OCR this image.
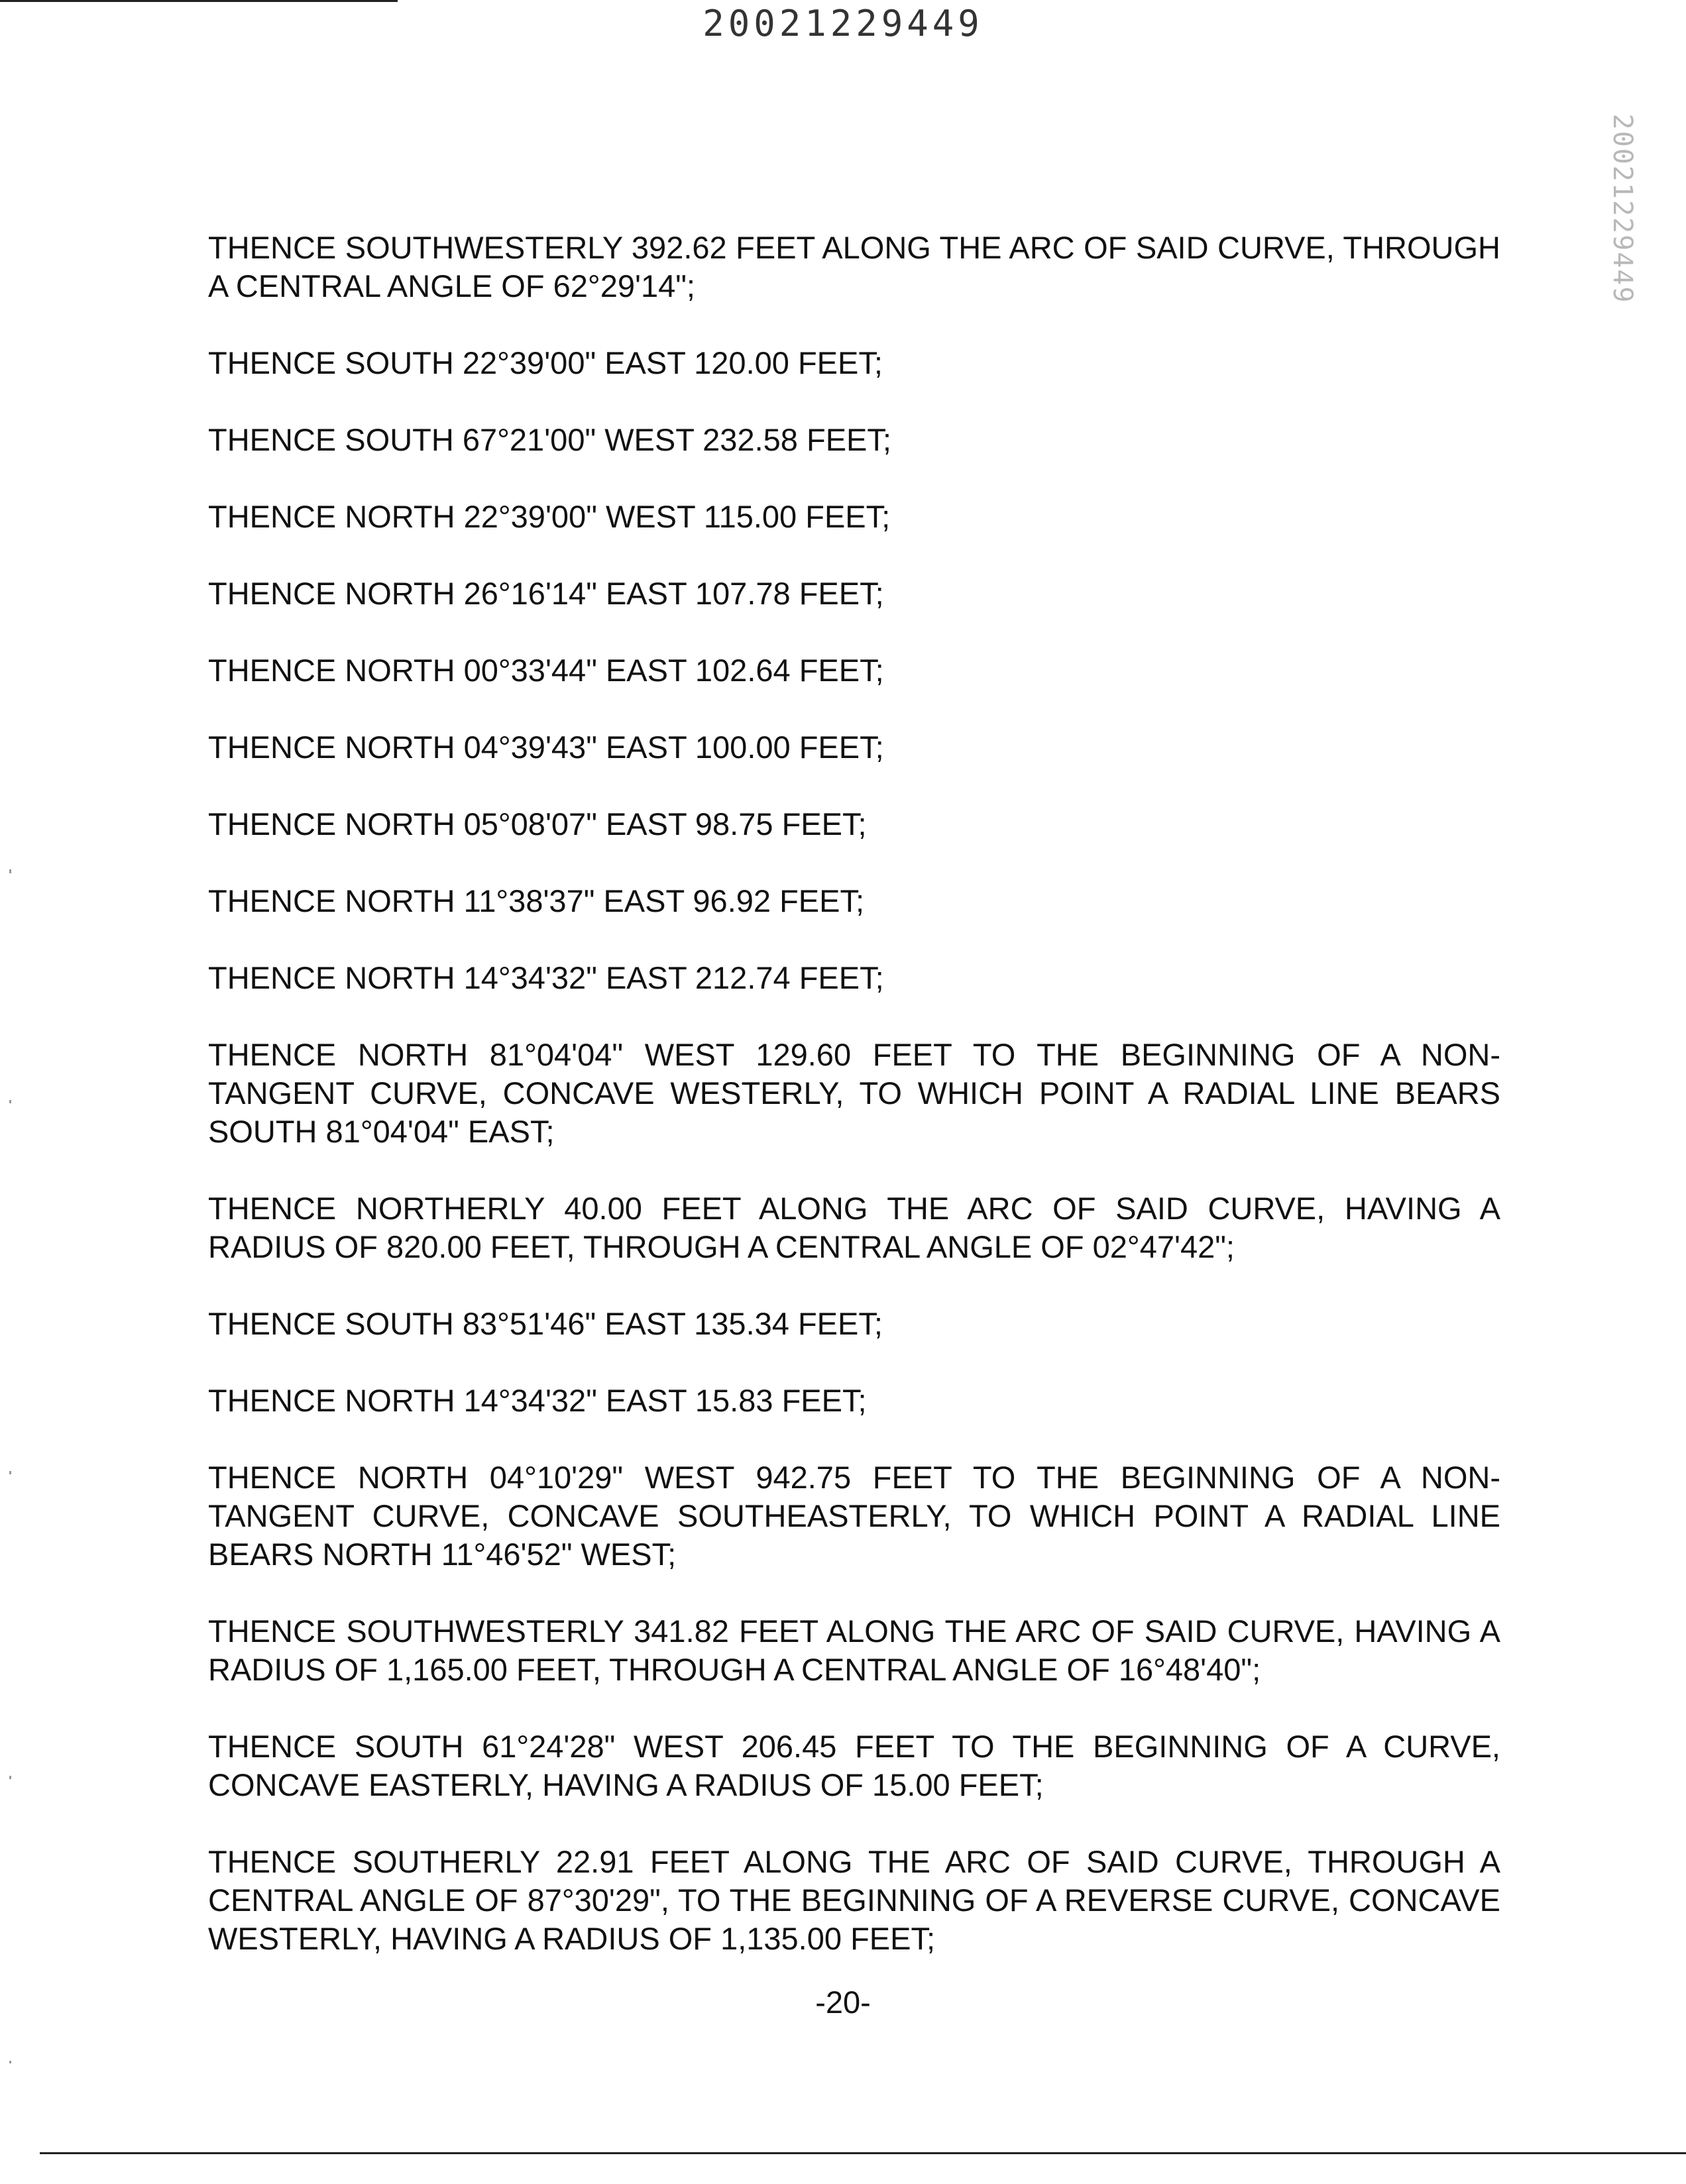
20021229449
20021229449

THENCE SOUTHWESTERLY 392.62 FEET ALONG THE ARC OF SAID CURVE, THROUGH A CENTRAL ANGLE OF 62°29'14";

THENCE SOUTH 22°39'00" EAST 120.00 FEET;

THENCE SOUTH 67°21'00" WEST 232.58 FEET;

THENCE NORTH 22°39'00" WEST 115.00 FEET;

THENCE NORTH 26°16'14" EAST 107.78 FEET;

THENCE NORTH 00°33'44" EAST 102.64 FEET;

THENCE NORTH 04°39'43" EAST 100.00 FEET;

THENCE NORTH 05°08'07" EAST 98.75 FEET;

THENCE NORTH 11°38'37" EAST 96.92 FEET;

THENCE NORTH 14°34'32" EAST 212.74 FEET;

THENCE NORTH 81°04'04" WEST 129.60 FEET TO THE BEGINNING OF A NON-TANGENT CURVE, CONCAVE WESTERLY, TO WHICH POINT A RADIAL LINE BEARS SOUTH 81°04'04" EAST;

THENCE NORTHERLY 40.00 FEET ALONG THE ARC OF SAID CURVE, HAVING A RADIUS OF 820.00 FEET, THROUGH A CENTRAL ANGLE OF 02°47'42";

THENCE SOUTH 83°51'46" EAST 135.34 FEET;

THENCE NORTH 14°34'32" EAST 15.83 FEET;

THENCE NORTH 04°10'29" WEST 942.75 FEET TO THE BEGINNING OF A NON-TANGENT CURVE, CONCAVE SOUTHEASTERLY, TO WHICH POINT A RADIAL LINE BEARS NORTH 11°46'52" WEST;

THENCE SOUTHWESTERLY 341.82 FEET ALONG THE ARC OF SAID CURVE, HAVING A RADIUS OF 1,165.00 FEET, THROUGH A CENTRAL ANGLE OF 16°48'40";

THENCE SOUTH 61°24'28" WEST 206.45 FEET TO THE BEGINNING OF A CURVE, CONCAVE EASTERLY, HAVING A RADIUS OF 15.00 FEET;

THENCE SOUTHERLY 22.91 FEET ALONG THE ARC OF SAID CURVE, THROUGH A CENTRAL ANGLE OF 87°30'29", TO THE BEGINNING OF A REVERSE CURVE, CONCAVE WESTERLY, HAVING A RADIUS OF 1,135.00 FEET;

-20-
